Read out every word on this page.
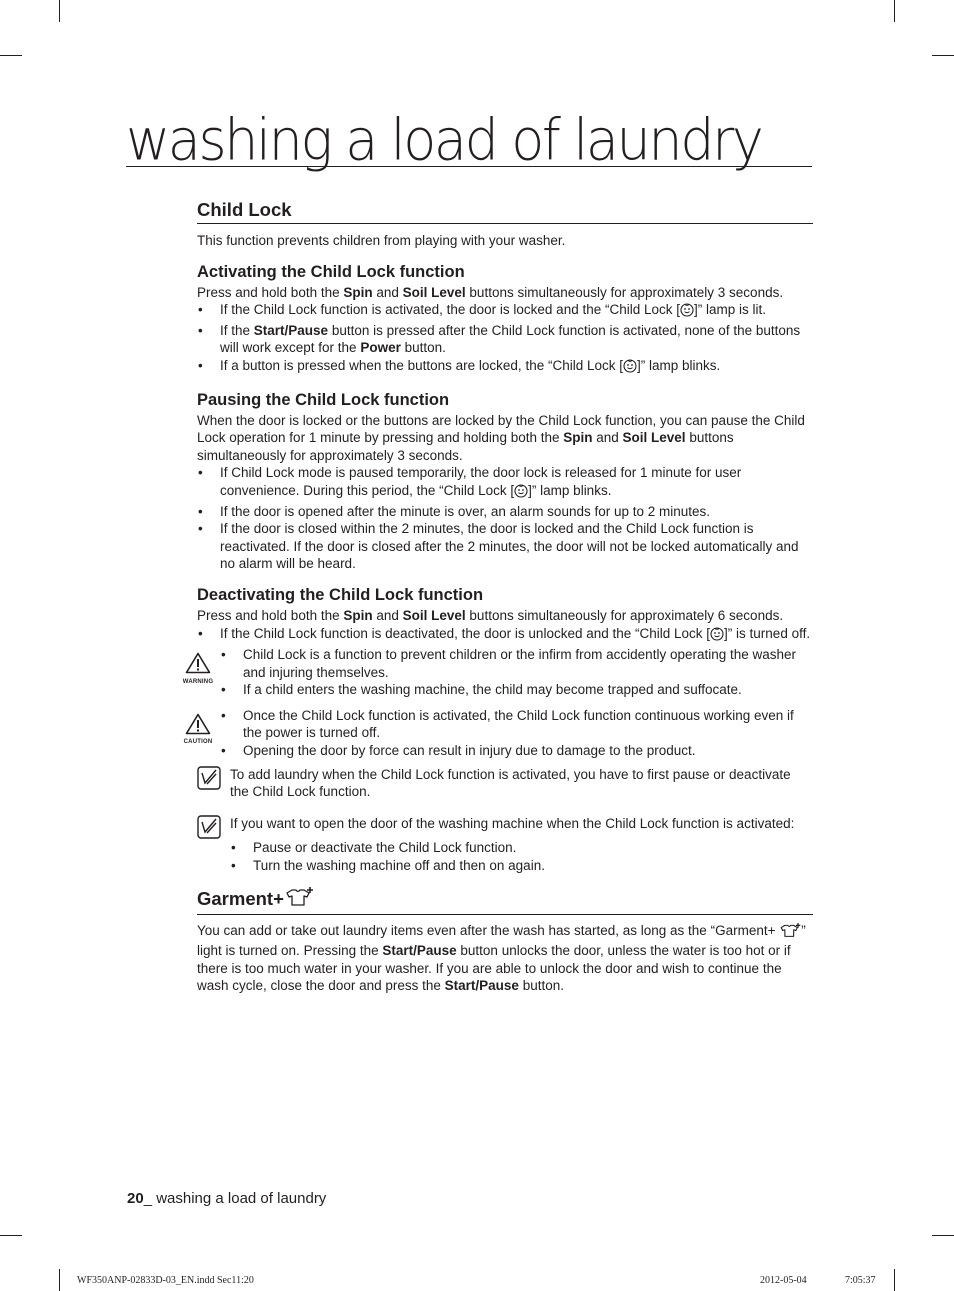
washing a load of laundry
Child Lock

This function prevents children from playing with your washer.

Activating the Child Lock function

Press and hold both the Spin and Soil Level buttons simultaneously for approximately 3 seconds.

• If the Child Lock function is activated, the door is locked and the “Child Lock [ ]” lamp is lit.
• If the Start/Pause button is pressed after the Child Lock function is activated, none of the buttons will work except for the Power button.
• If a button is pressed when the buttons are locked, the “Child Lock [ ]” lamp blinks.
Pausing the Child Lock function

When the door is locked or the buttons are locked by the Child Lock function, you can pause the Child Lock operation for 1 minute by pressing and holding both the Spin and Soil Level buttons simultaneously for approximately 3 seconds.

• If Child Lock mode is paused temporarily, the door lock is released for 1 minute for user convenience. During this period, the “Child Lock [ ]” lamp blinks.
• If the door is opened after the minute is over, an alarm sounds for up to 2 minutes.
• If the door is closed within the 2 minutes, the door is locked and the Child Lock function is reactivated. If the door is closed after the 2 minutes, the door will not be locked automatically and no alarm will be heard.
Deactivating the Child Lock function

Press and hold both the Spin and Soil Level buttons simultaneously for approximately 6 seconds.

• If the Child Lock function is deactivated, the door is unlocked and the “Child Lock [ ]” is turned off.
WARNING
• Child Lock is a function to prevent children or the infirm from accidently operating the washer and injuring themselves.
• If a child enters the washing machine, the child may become trapped and suffocate.
CAUTION
• Once the Child Lock function is activated, the Child Lock function continuous working even if the power is turned off.
• Opening the door by force can result in injury due to damage to the product.

To add laundry when the Child Lock function is activated, you have to first pause or deactivate the Child Lock function.

If you want to open the door of the washing machine when the Child Lock function is activated:

• Pause or deactivate the Child Lock function.
• Turn the washing machine off and then on again.
Garment+

You can add or take out laundry items even after the wash has started, as long as the “Garment+ ” light is turned on. Pressing the Start/Pause button unlocks the door, unless the water is too hot or if there is too much water in your washer. If you are able to unlock the door and wish to continue the wash cycle, close the door and press the Start/Pause button.

20_ washing a load of laundry
WF350ANP-02833D-03_EN.indd Sec11:20	2012-05-04	7:05:37
